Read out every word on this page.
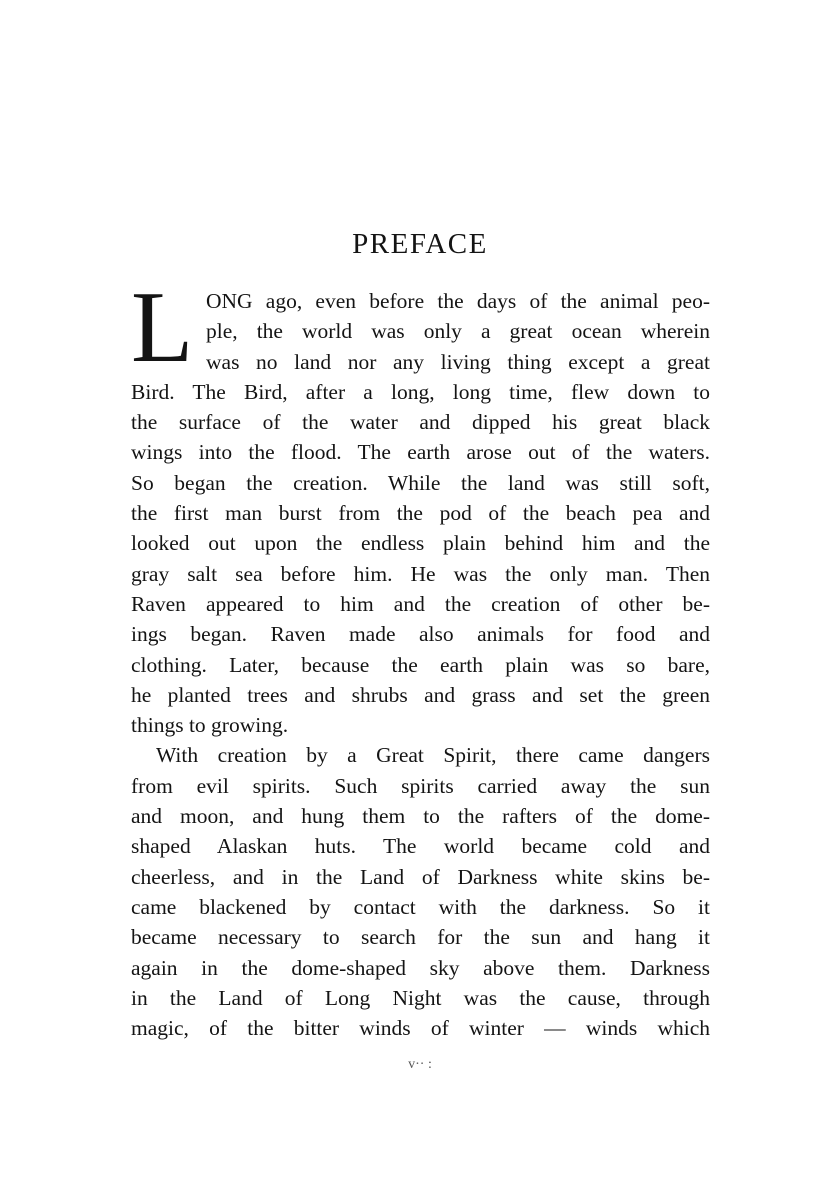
PREFACE
L ONG ago, even before the days of the animal peo-
ple, the world was only a great ocean wherein
was no land nor any living thing except a great
Bird. The Bird, after a long, long time, flew down to
the surface of the water and dipped his great black
wings into the flood. The earth arose out of the waters.
So began the creation. While the land was still soft,
the first man burst from the pod of the beach pea and
looked out upon the endless plain behind him and the
gray salt sea before him. He was the only man. Then
Raven appeared to him and the creation of other be-
ings began. Raven made also animals for food and
clothing. Later, because the earth plain was so bare,
he planted trees and shrubs and grass and set the green
things to growing.
With creation by a Great Spirit, there came dangers
from evil spirits. Such spirits carried away the sun
and moon, and hung them to the rafters of the dome-
shaped Alaskan huts. The world became cold and
cheerless, and in the Land of Darkness white skins be-
came blackened by contact with the darkness. So it
became necessary to search for the sun and hang it
again in the dome-shaped sky above them. Darkness
in the Land of Long Night was the cause, through
magic, of the bitter winds of winter — winds which
v·· :
